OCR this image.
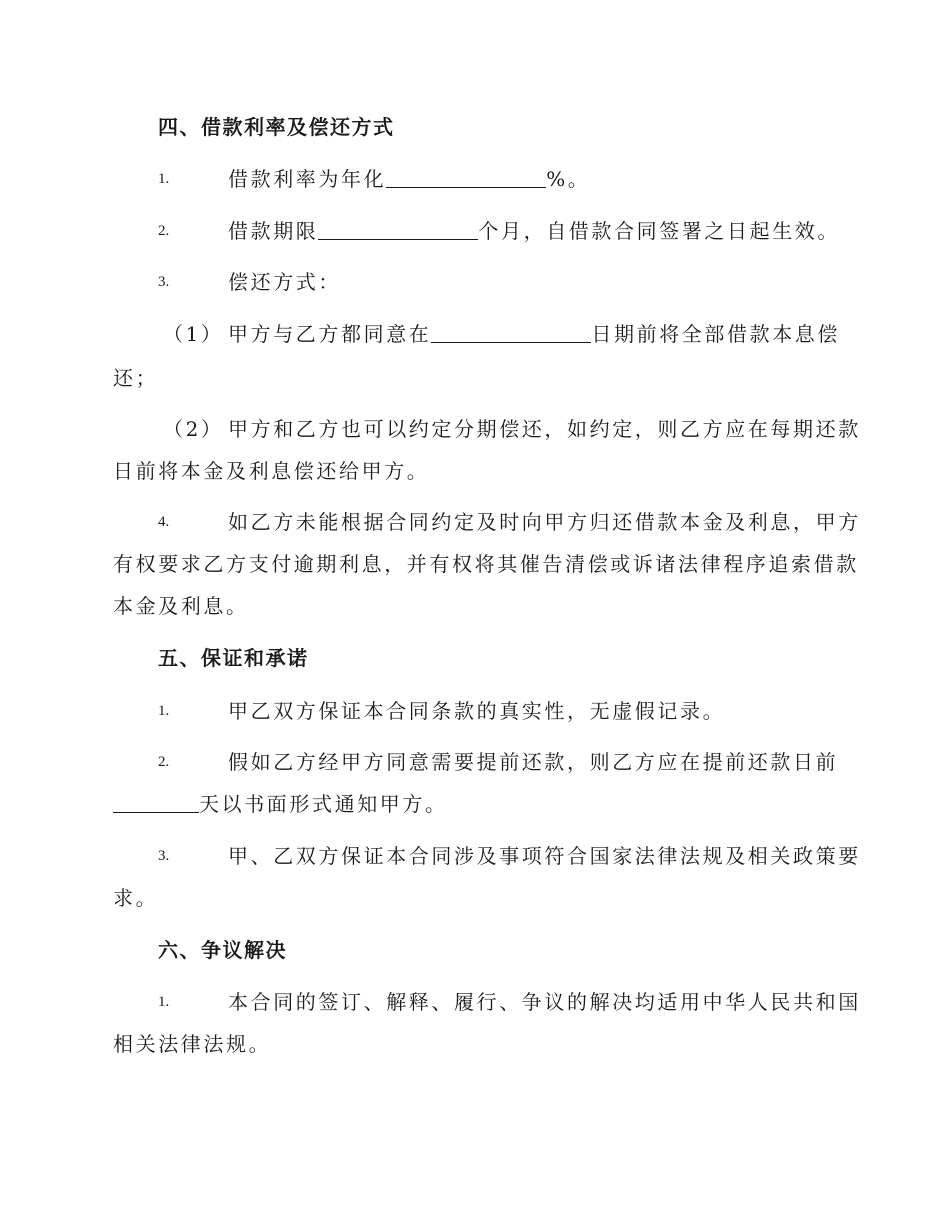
四、借款利率及偿还方式
1.	借款利率为年化	%。
2.	借款期限	个月，自借款合同签署之日起生效。
3.	偿还方式：
（1） 甲方与乙方都同意在	日期前将全部借款本息偿
还；
（2） 甲方和乙方也可以约定分期偿还，如约定，则乙方应在每期还款
日前将本金及利息偿还给甲方。
4.	如乙方未能根据合同约定及时向甲方归还借款本金及利息，甲方
有权要求乙方支付逾期利息，并有权将其催告清偿或诉诸法律程序追索借款
本金及利息。
五、保证和承诺
1.	甲乙双方保证本合同条款的真实性，无虚假记录。
2.	假如乙方经甲方同意需要提前还款，则乙方应在提前还款日前
天以书面形式通知甲方。
3.	甲、乙双方保证本合同涉及事项符合国家法律法规及相关政策要
求。
六、争议解决
1.	本合同的签订、解释、履行、争议的解决均适用中华人民共和国
相关法律法规。
